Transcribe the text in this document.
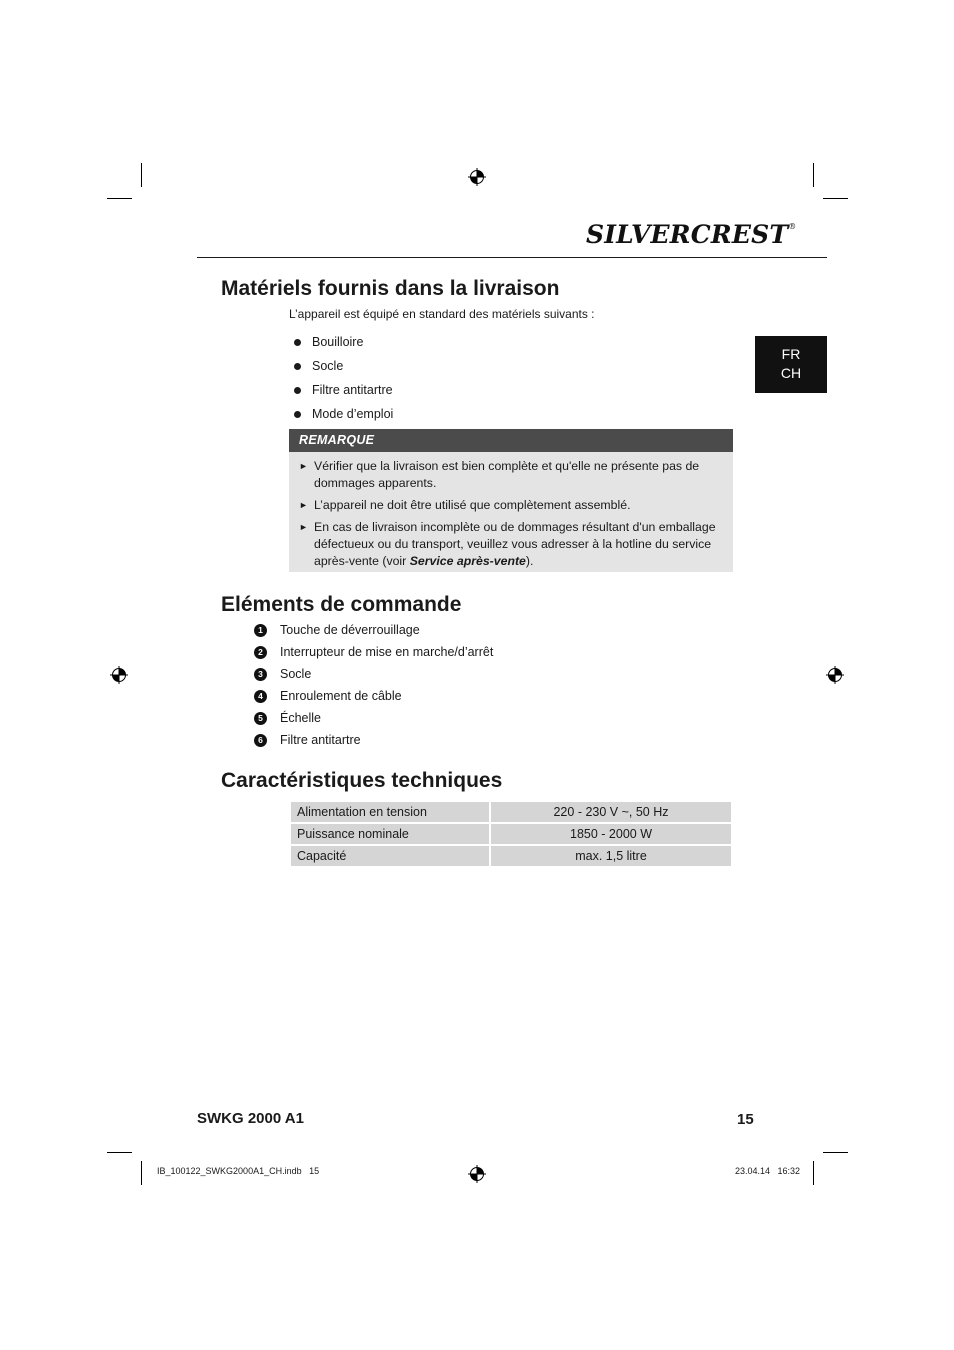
SILVERCREST®
FR
CH
Matériels fournis dans la livraison
L’appareil est équipé en standard des matériels suivants :
Bouilloire
Socle
Filtre antitartre
Mode d’emploi
REMARQUE
► Vérifier que la livraison est bien complète et qu'elle ne présente pas de dommages apparents.
► L’appareil ne doit être utilisé que complètement assemblé.
► En cas de livraison incomplète ou de dommages résultant d'un emballage défectueux ou du transport, veuillez vous adresser à la hotline du service après-vente (voir Service après-vente).
Eléments de commande
1	Touche de déverrouillage
2	Interrupteur de mise en marche/d’arrêt
3	Socle
4	Enroulement de câble
5	Échelle
6	Filtre antitartre
Caractéristiques techniques
Alimentation en tension	220 - 230 V ~, 50 Hz
Puissance nominale	1850 - 2000 W
Capacité	max. 1,5 litre
SWKG 2000 A1	15
IB_100122_SWKG2000A1_CH.indb   15	23.04.14   16:32
